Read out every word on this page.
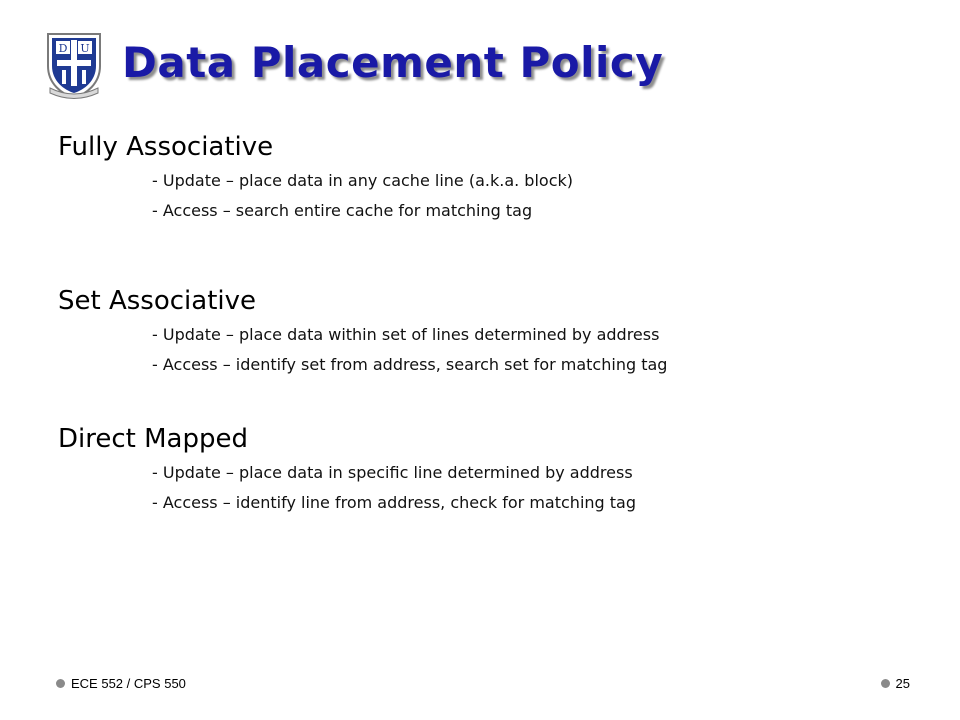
D U Data Placement Policy

Fully Associative

- Update – place data in any cache line (a.k.a. block)

- Access – search entire cache for matching tag

Set Associative

- Update – place data within set of lines determined by address

- Access – identify set from address, search set for matching tag

Direct Mapped

- Update – place data in specific line determined by address

- Access – identify line from address, check for matching tag

ECE 552 / CPS 550	25
